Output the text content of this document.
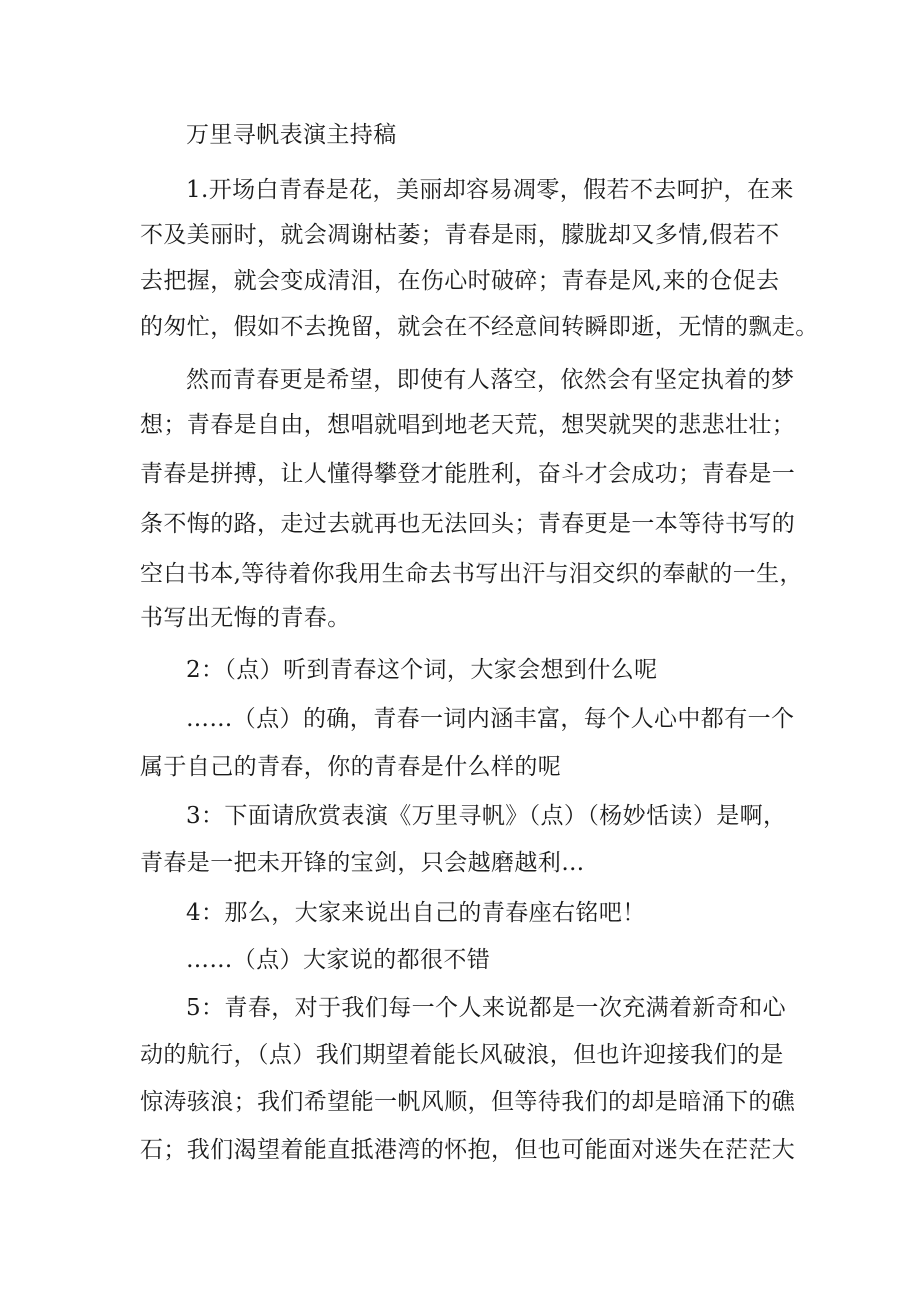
万里寻帆表演主持稿
1.开场白青春是花，美丽却容易凋零，假若不去呵护，在来
不及美丽时，就会凋谢枯萎；青春是雨，朦胧却又多情,假若不
去把握，就会变成清泪，在伤心时破碎；青春是风,来的仓促去
的匆忙，假如不去挽留，就会在不经意间转瞬即逝，无情的飘走。
然而青春更是希望，即使有人落空，依然会有坚定执着的梦
想；青春是自由，想唱就唱到地老天荒，想哭就哭的悲悲壮壮；
青春是拼搏，让人懂得攀登才能胜利，奋斗才会成功；青春是一
条不悔的路，走过去就再也无法回头；青春更是一本等待书写的
空白书本,等待着你我用生命去书写出汗与泪交织的奉献的一生，
书写出无悔的青春。
2：（点）听到青春这个词，大家会想到什么呢
……（点）的确，青春一词内涵丰富，每个人心中都有一个
属于自己的青春，你的青春是什么样的呢
3：下面请欣赏表演《万里寻帆》（点）（杨妙恬读）是啊，
青春是一把未开锋的宝剑，只会越磨越利…
4：那么，大家来说出自己的青春座右铭吧！
……（点）大家说的都很不错
5：青春，对于我们每一个人来说都是一次充满着新奇和心
动的航行，（点）我们期望着能长风破浪，但也许迎接我们的是
惊涛骇浪；我们希望能一帆风顺，但等待我们的却是暗涌下的礁
石；我们渴望着能直抵港湾的怀抱，但也可能面对迷失在茫茫大
